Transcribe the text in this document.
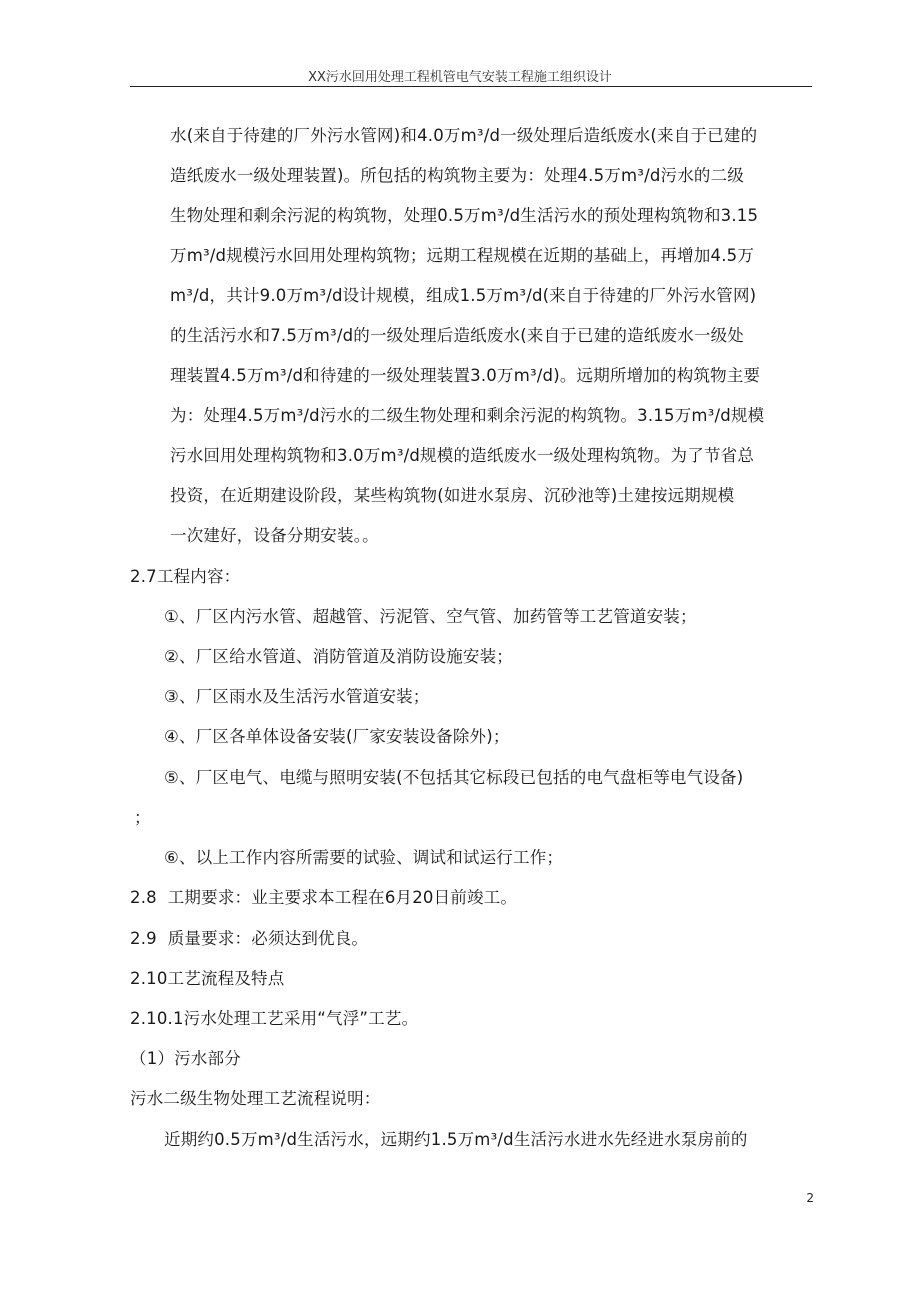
XX污水回用处理工程机管电气安装工程施工组织设计
水(来自于待建的厂外污水管网)和4.0万m³/d一级处理后造纸废水(来自于已建的
造纸废水一级处理装置)。所包括的构筑物主要为：处理4.5万m³/d污水的二级
生物处理和剩余污泥的构筑物，处理0.5万m³/d生活污水的预处理构筑物和3.15
万m³/d规模污水回用处理构筑物；远期工程规模在近期的基础上，再增加4.5万
m³/d，共计9.0万m³/d设计规模，组成1.5万m³/d(来自于待建的厂外污水管网)
的生活污水和7.5万m³/d的一级处理后造纸废水(来自于已建的造纸废水一级处
理装置4.5万m³/d和待建的一级处理装置3.0万m³/d)。远期所增加的构筑物主要
为：处理4.5万m³/d污水的二级生物处理和剩余污泥的构筑物。3.15万m³/d规模
污水回用处理构筑物和3.0万m³/d规模的造纸废水一级处理构筑物。为了节省总
投资，在近期建设阶段，某些构筑物(如进水泵房、沉砂池等)土建按远期规模
一次建好，设备分期安装。。
2.7工程内容：
①、厂区内污水管、超越管、污泥管、空气管、加药管等工艺管道安装；
②、厂区给水管道、消防管道及消防设施安装；
③、厂区雨水及生活污水管道安装；
④、厂区各单体设备安装(厂家安装设备除外)；
⑤、厂区电气、电缆与照明安装(不包括其它标段已包括的电气盘柜等电气设备)
；
⑥、以上工作内容所需要的试验、调试和试运行工作；
2.8 工期要求：业主要求本工程在6月20日前竣工。
2.9 质量要求：必须达到优良。
2.10工艺流程及特点
2.10.1污水处理工艺采用“气浮”工艺。
（1）污水部分
污水二级生物处理工艺流程说明：
近期约0.5万m³/d生活污水，远期约1.5万m³/d生活污水进水先经进水泵房前的
2
